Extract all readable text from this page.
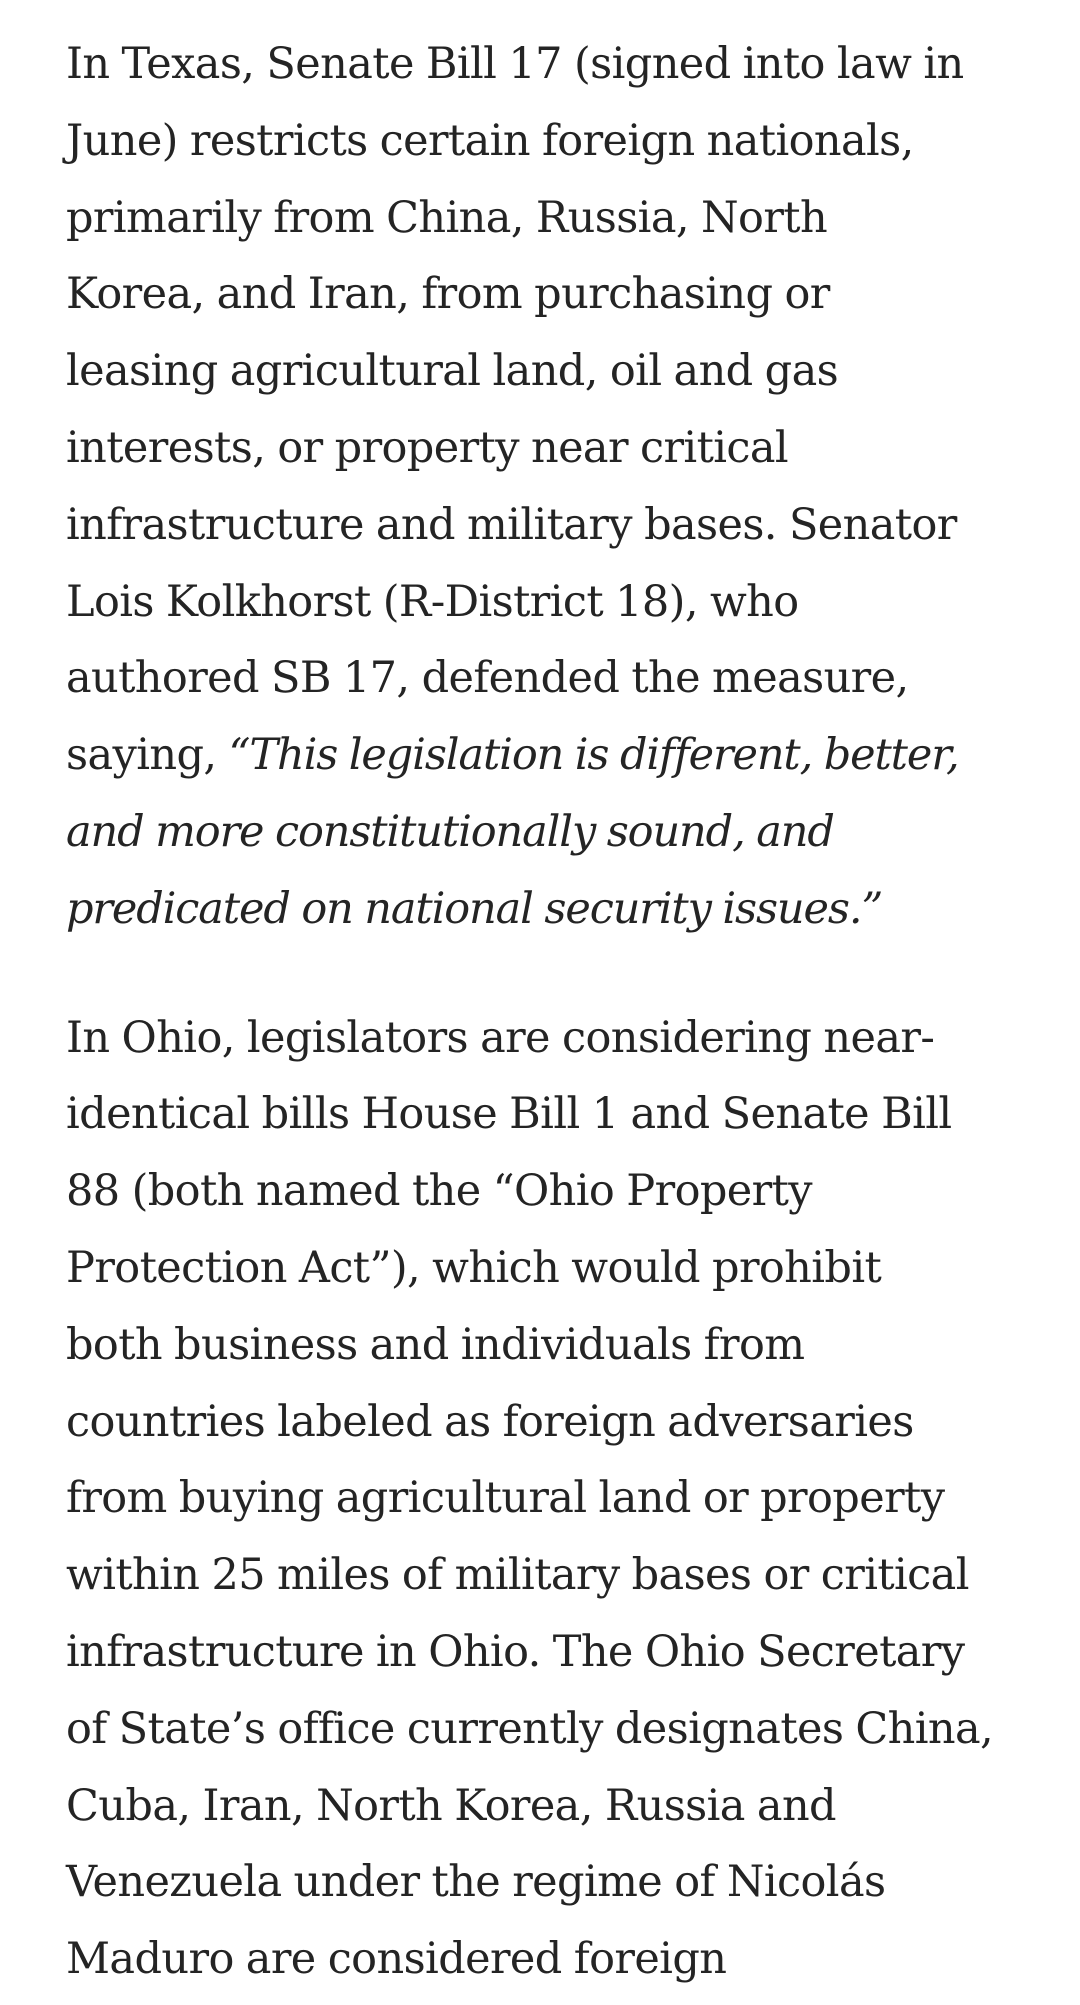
In Texas, Senate Bill 17 (signed into law in
June) restricts certain foreign nationals,
primarily from China, Russia, North
Korea, and Iran, from purchasing or
leasing agricultural land, oil and gas
interests, or property near critical
infrastructure and military bases. Senator
Lois Kolkhorst (R-District 18), who
authored SB 17, defended the measure,
saying, “This legislation is different, better,
and more constitutionally sound, and
predicated on national security issues.”

In Ohio, legislators are considering near-
identical bills House Bill 1 and Senate Bill
88 (both named the “Ohio Property
Protection Act”), which would prohibit
both business and individuals from
countries labeled as foreign adversaries
from buying agricultural land or property
within 25 miles of military bases or critical
infrastructure in Ohio. The Ohio Secretary
of State’s office currently designates China,
Cuba, Iran, North Korea, Russia and
Venezuela under the regime of Nicolás
Maduro are considered foreign
